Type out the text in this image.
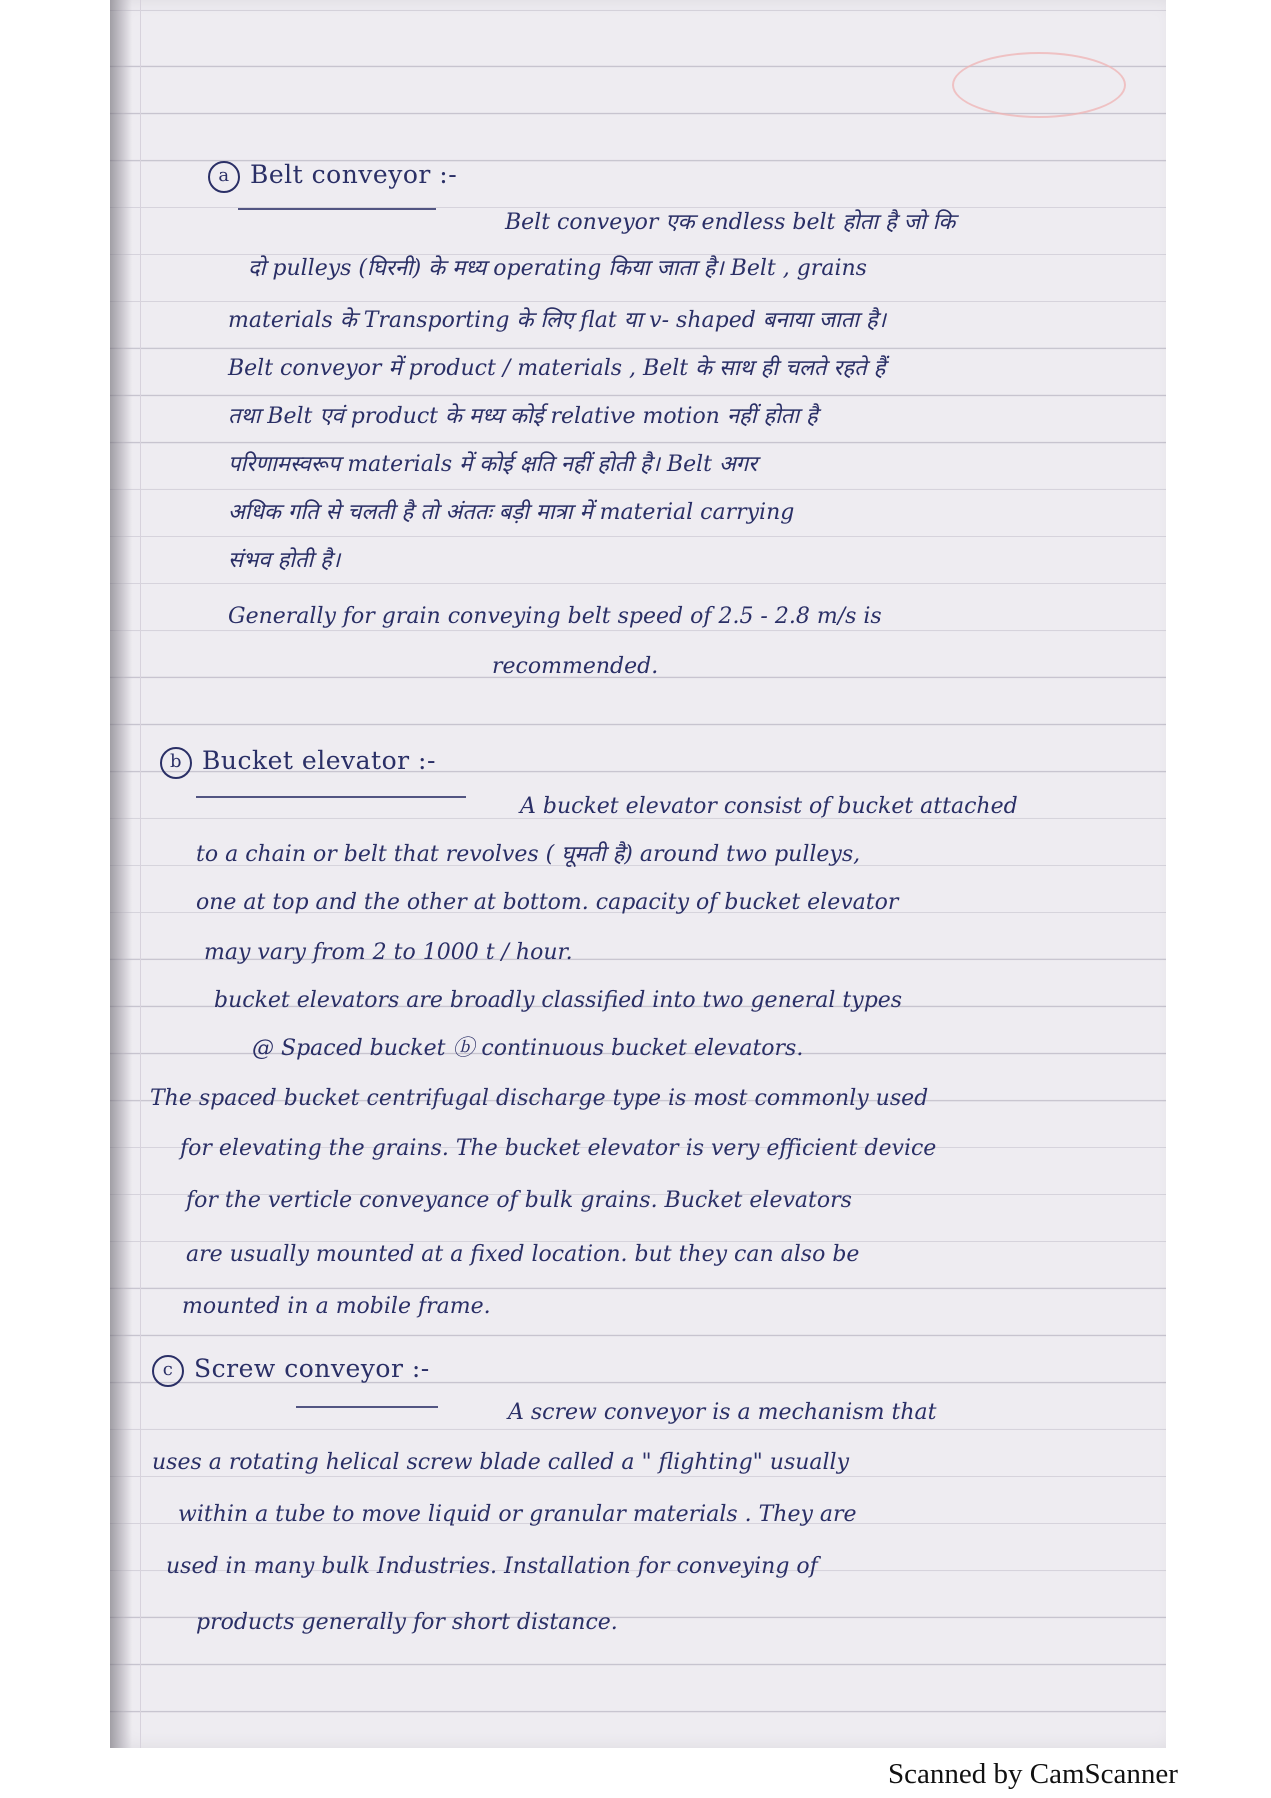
a Belt conveyor :-
Belt conveyor एक endless belt होता है जो कि
दो pulleys (घिरनी) के मध्य operating किया जाता है। Belt , grains
materials के Transporting के लिए flat या v- shaped बनाया जाता है।
Belt conveyor में product / materials , Belt के साथ ही चलते रहते हैं
तथा Belt एवं product के मध्य कोई relative motion नहीं होता है
परिणामस्वरूप materials में कोई क्षति नहीं होती है। Belt अगर
अधिक गति से चलती है तो अंततः बड़ी मात्रा में material carrying
संभव होती है।
Generally for grain conveying belt speed of 2.5 - 2.8 m/s is
recommended.
b Bucket elevator :-
A bucket elevator consist of bucket attached
to a chain or belt that revolves ( घूमती है) around two pulleys,
one at top and the other at bottom. capacity of bucket elevator
may vary from 2 to 1000 t / hour.
bucket elevators are broadly classified into two general types
@ Spaced bucket ⓑ continuous bucket elevators.
The spaced bucket centrifugal discharge type is most commonly used
for elevating the grains. The bucket elevator is very efficient device
for the verticle conveyance of bulk grains. Bucket elevators
are usually mounted at a fixed location. but they can also be
mounted in a mobile frame.
c Screw conveyor :-
A screw conveyor is a mechanism that
uses a rotating helical screw blade called a " flighting" usually
within a tube to move liquid or granular materials . They are
used in many bulk Industries. Installation for conveying of
products generally for short distance.
Scanned by CamScanner
